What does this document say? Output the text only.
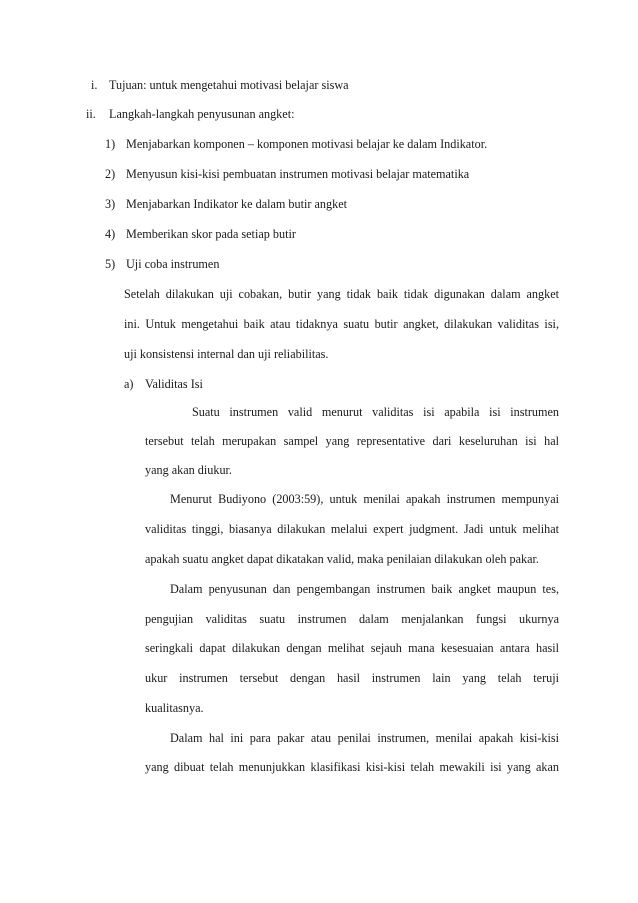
i. Tujuan: untuk mengetahui motivasi belajar siswa
ii. Langkah-langkah penyusunan angket:
1) Menjabarkan komponen – komponen motivasi belajar ke dalam Indikator.
2) Menyusun kisi-kisi pembuatan instrumen motivasi belajar matematika
3) Menjabarkan Indikator ke dalam butir angket
4) Memberikan skor pada setiap butir
5) Uji coba instrumen
Setelah dilakukan uji cobakan, butir yang tidak baik tidak digunakan dalam angket
ini. Untuk mengetahui baik atau tidaknya suatu butir angket, dilakukan validitas isi,
uji konsistensi internal dan uji reliabilitas.
a) Validitas Isi
Suatu instrumen valid menurut validitas isi apabila isi instrumen
tersebut telah merupakan sampel yang representative dari keseluruhan isi hal
yang akan diukur.
Menurut Budiyono (2003:59), untuk menilai apakah instrumen mempunyai
validitas tinggi, biasanya dilakukan melalui expert judgment. Jadi untuk melihat
apakah suatu angket dapat dikatakan valid, maka penilaian dilakukan oleh pakar.
Dalam penyusunan dan pengembangan instrumen baik angket maupun tes,
pengujian validitas suatu instrumen dalam menjalankan fungsi ukurnya
seringkali dapat dilakukan dengan melihat sejauh mana kesesuaian antara hasil
ukur instrumen tersebut dengan hasil instrumen lain yang telah teruji
kualitasnya.
Dalam hal ini para pakar atau penilai instrumen, menilai apakah kisi-kisi
yang dibuat telah menunjukkan klasifikasi kisi-kisi telah mewakili isi yang akan
